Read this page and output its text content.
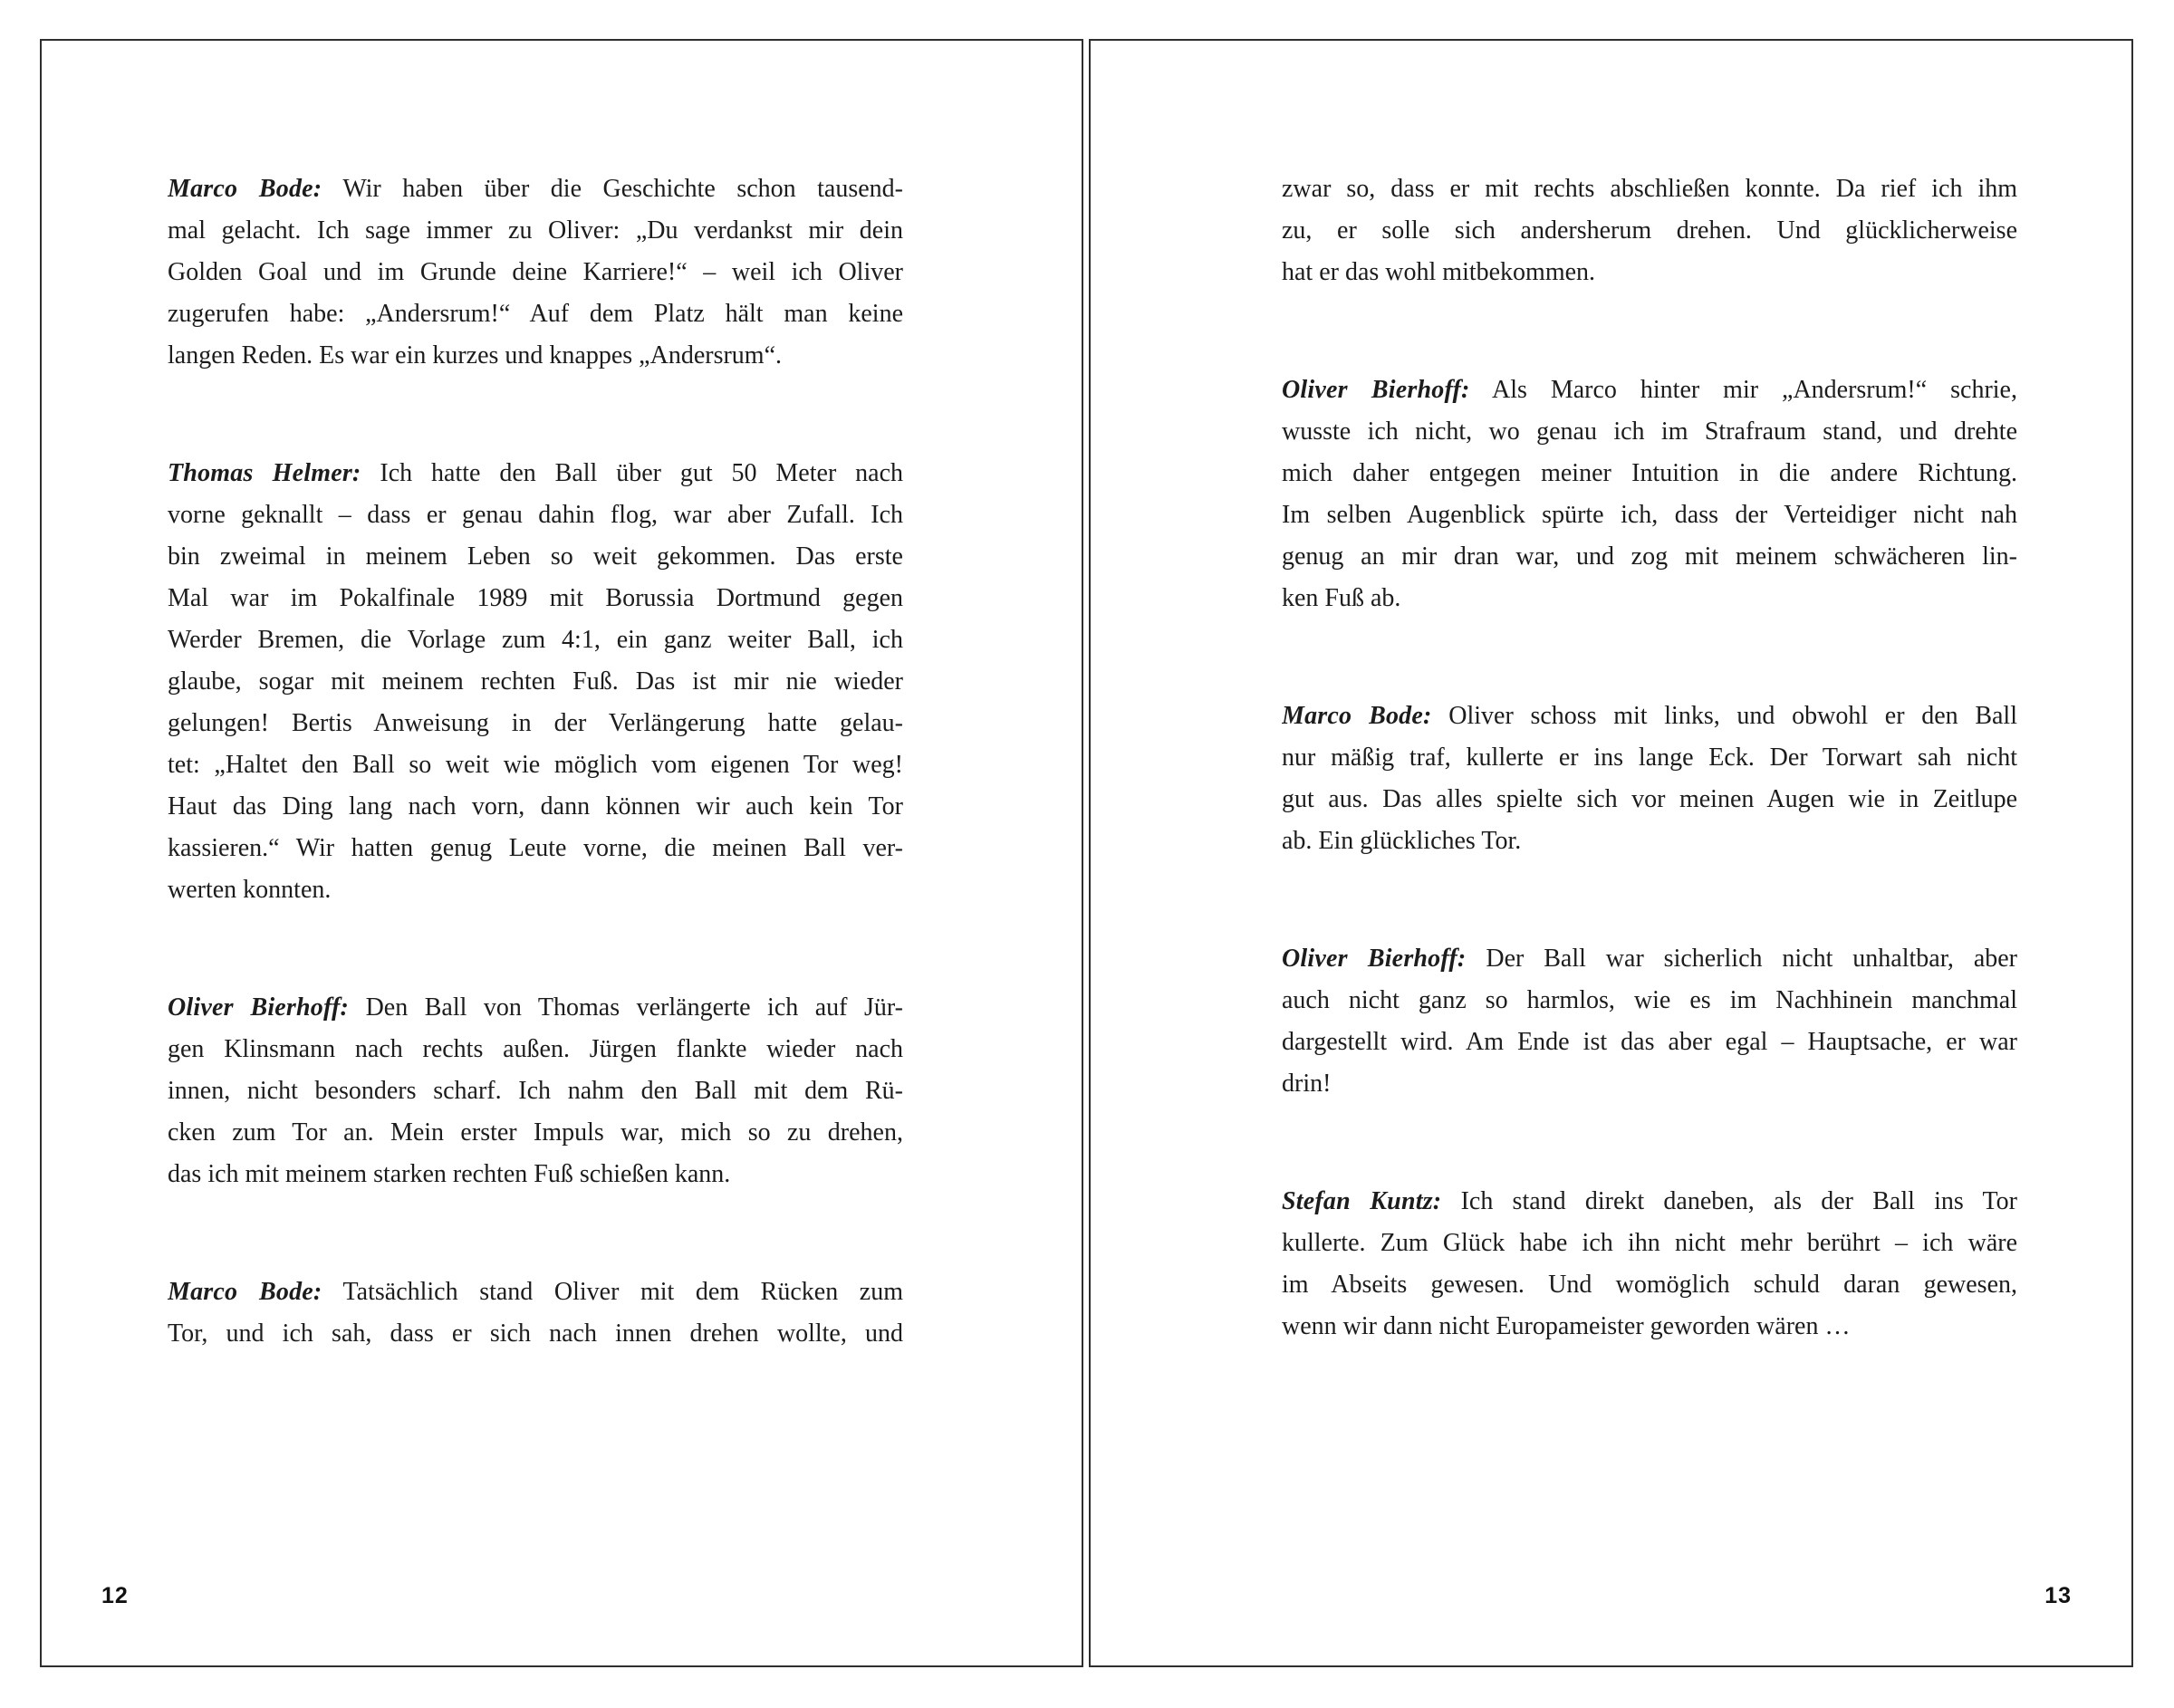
Marco Bode: Wir haben über die Geschichte schon tausend-
mal gelacht. Ich sage immer zu Oliver: „Du verdankst mir dein
Golden Goal und im Grunde deine Karriere!“ – weil ich Oliver
zugerufen habe: „Andersrum!“ Auf dem Platz hält man keine
langen Reden. Es war ein kurzes und knappes „Andersrum“.
Thomas Helmer: Ich hatte den Ball über gut 50 Meter nach
vorne geknallt – dass er genau dahin flog, war aber Zufall. Ich
bin zweimal in meinem Leben so weit gekommen. Das erste
Mal war im Pokalfinale 1989 mit Borussia Dortmund gegen
Werder Bremen, die Vorlage zum 4:1, ein ganz weiter Ball, ich
glaube, sogar mit meinem rechten Fuß. Das ist mir nie wieder
gelungen! Bertis Anweisung in der Verlängerung hatte gelau-
tet: „Haltet den Ball so weit wie möglich vom eigenen Tor weg!
Haut das Ding lang nach vorn, dann können wir auch kein Tor
kassieren.“ Wir hatten genug Leute vorne, die meinen Ball ver-
werten konnten.
Oliver Bierhoff: Den Ball von Thomas verlängerte ich auf Jür-
gen Klinsmann nach rechts außen. Jürgen flankte wieder nach
innen, nicht besonders scharf. Ich nahm den Ball mit dem Rü-
cken zum Tor an. Mein erster Impuls war, mich so zu drehen,
das ich mit meinem starken rechten Fuß schießen kann.
Marco Bode: Tatsächlich stand Oliver mit dem Rücken zum
Tor, und ich sah, dass er sich nach innen drehen wollte, und
12
zwar so, dass er mit rechts abschließen konnte. Da rief ich ihm
zu, er solle sich andersherum drehen. Und glücklicherweise
hat er das wohl mitbekommen.
Oliver Bierhoff: Als Marco hinter mir „Andersrum!“ schrie,
wusste ich nicht, wo genau ich im Strafraum stand, und drehte
mich daher entgegen meiner Intuition in die andere Richtung.
Im selben Augenblick spürte ich, dass der Verteidiger nicht nah
genug an mir dran war, und zog mit meinem schwächeren lin-
ken Fuß ab.
Marco Bode: Oliver schoss mit links, und obwohl er den Ball
nur mäßig traf, kullerte er ins lange Eck. Der Torwart sah nicht
gut aus. Das alles spielte sich vor meinen Augen wie in Zeitlupe
ab. Ein glückliches Tor.
Oliver Bierhoff: Der Ball war sicherlich nicht unhaltbar, aber
auch nicht ganz so harmlos, wie es im Nachhinein manchmal
dargestellt wird. Am Ende ist das aber egal – Hauptsache, er war
drin!
Stefan Kuntz: Ich stand direkt daneben, als der Ball ins Tor
kullerte. Zum Glück habe ich ihn nicht mehr berührt – ich wäre
im Abseits gewesen. Und womöglich schuld daran gewesen,
wenn wir dann nicht Europameister geworden wären …
13
